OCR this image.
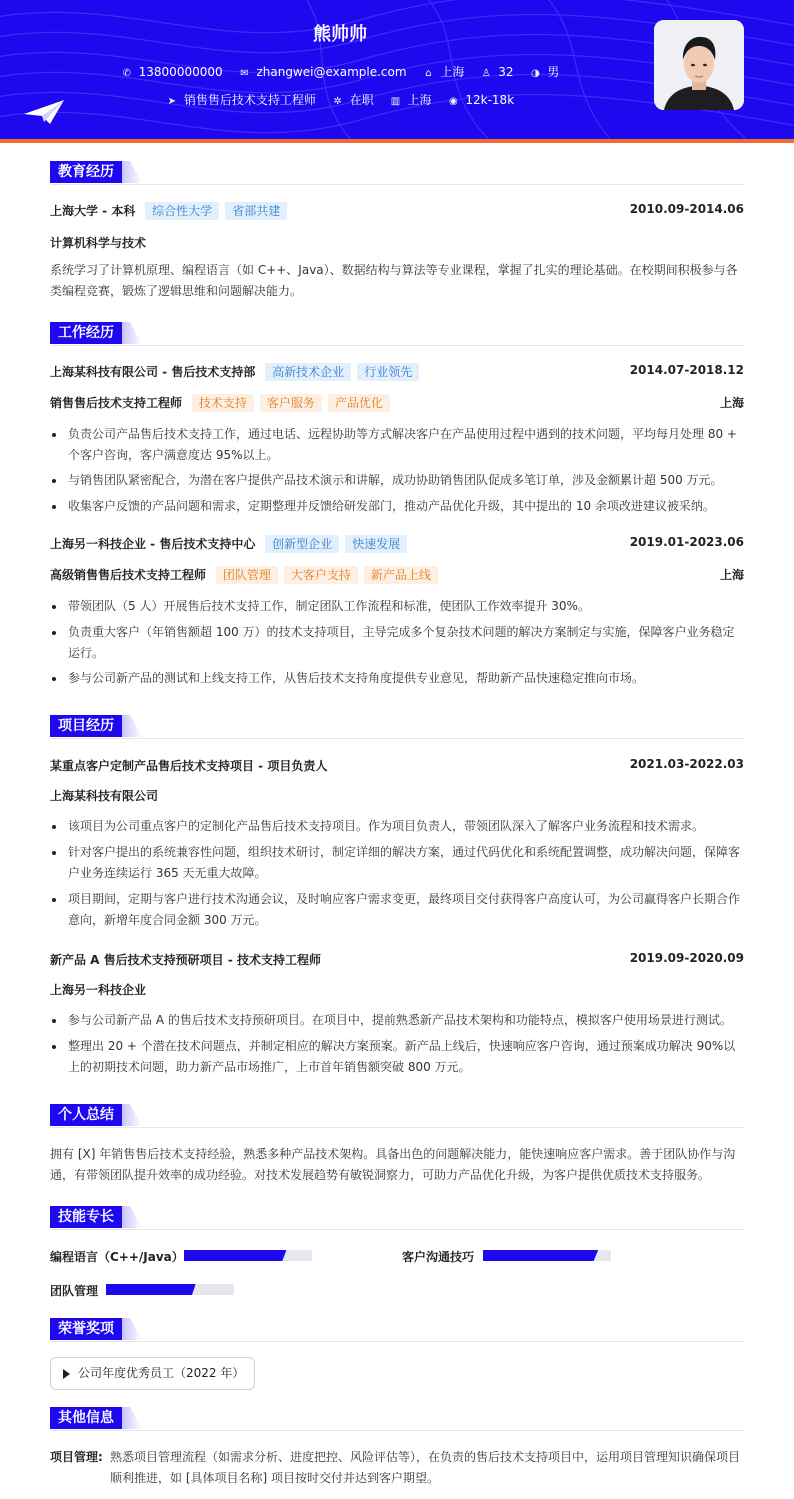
熊帅帅
✆ 13800000000 ✉ zhangwei@example.com ⌂ 上海 ♙ 32 ◑ 男
➤ 销售售后技术支持工程师 ✲ 在职 ▥ 上海 ◉ 12k-18k
教育经历
上海大学 - 本科 综合性大学 省部共建	2010.09-2014.06
计算机科学与技术
系统学习了计算机原理、编程语言（如 C++、Java）、数据结构与算法等专业课程，掌握了扎实的理论基础。在校期间积极参与各类编程竞赛，锻炼了逻辑思维和问题解决能力。
工作经历
上海某科技有限公司 - 售后技术支持部 高新技术企业 行业领先	2014.07-2018.12
销售售后技术支持工程师 技术支持 客户服务 产品优化	上海
负责公司产品售后技术支持工作，通过电话、远程协助等方式解决客户在产品使用过程中遇到的技术问题，平均每月处理 80 + 个客户咨询，客户满意度达 95%以上。
与销售团队紧密配合，为潜在客户提供产品技术演示和讲解，成功协助销售团队促成多笔订单，涉及金额累计超 500 万元。
收集客户反馈的产品问题和需求，定期整理并反馈给研发部门，推动产品优化升级，其中提出的 10 余项改进建议被采纳。
上海另一科技企业 - 售后技术支持中心 创新型企业 快速发展	2019.01-2023.06
高级销售售后技术支持工程师 团队管理 大客户支持 新产品上线	上海
带领团队（5 人）开展售后技术支持工作，制定团队工作流程和标准，使团队工作效率提升 30%。
负责重大客户（年销售额超 100 万）的技术支持项目，主导完成多个复杂技术问题的解决方案制定与实施，保障客户业务稳定运行。
参与公司新产品的测试和上线支持工作，从售后技术支持角度提供专业意见，帮助新产品快速稳定推向市场。
项目经历
某重点客户定制产品售后技术支持项目 - 项目负责人	2021.03-2022.03
上海某科技有限公司
该项目为公司重点客户的定制化产品售后技术支持项目。作为项目负责人，带领团队深入了解客户业务流程和技术需求。
针对客户提出的系统兼容性问题，组织技术研讨，制定详细的解决方案，通过代码优化和系统配置调整，成功解决问题，保障客户业务连续运行 365 天无重大故障。
项目期间，定期与客户进行技术沟通会议，及时响应客户需求变更，最终项目交付获得客户高度认可，为公司赢得客户长期合作意向，新增年度合同金额 300 万元。
新产品 A 售后技术支持预研项目 - 技术支持工程师	2019.09-2020.09
上海另一科技企业
参与公司新产品 A 的售后技术支持预研项目。在项目中，提前熟悉新产品技术架构和功能特点，模拟客户使用场景进行测试。
整理出 20 + 个潜在技术问题点，并制定相应的解决方案预案。新产品上线后，快速响应客户咨询，通过预案成功解决 90%以上的初期技术问题，助力新产品市场推广，上市首年销售额突破 800 万元。
个人总结
拥有 [X] 年销售售后技术支持经验，熟悉多种产品技术架构。具备出色的问题解决能力，能快速响应客户需求。善于团队协作与沟通，有带领团队提升效率的成功经验。对技术发展趋势有敏锐洞察力，可助力产品优化升级，为客户提供优质技术支持服务。
技能专长
编程语言（C++/Java）	客户沟通技巧
团队管理
荣誉奖项
公司年度优秀员工（2022 年）
其他信息
项目管理: 熟悉项目管理流程（如需求分析、进度把控、风险评估等），在负责的售后技术支持项目中，运用项目管理知识确保项目顺利推进，如 [具体项目名称] 项目按时交付并达到客户期望。
